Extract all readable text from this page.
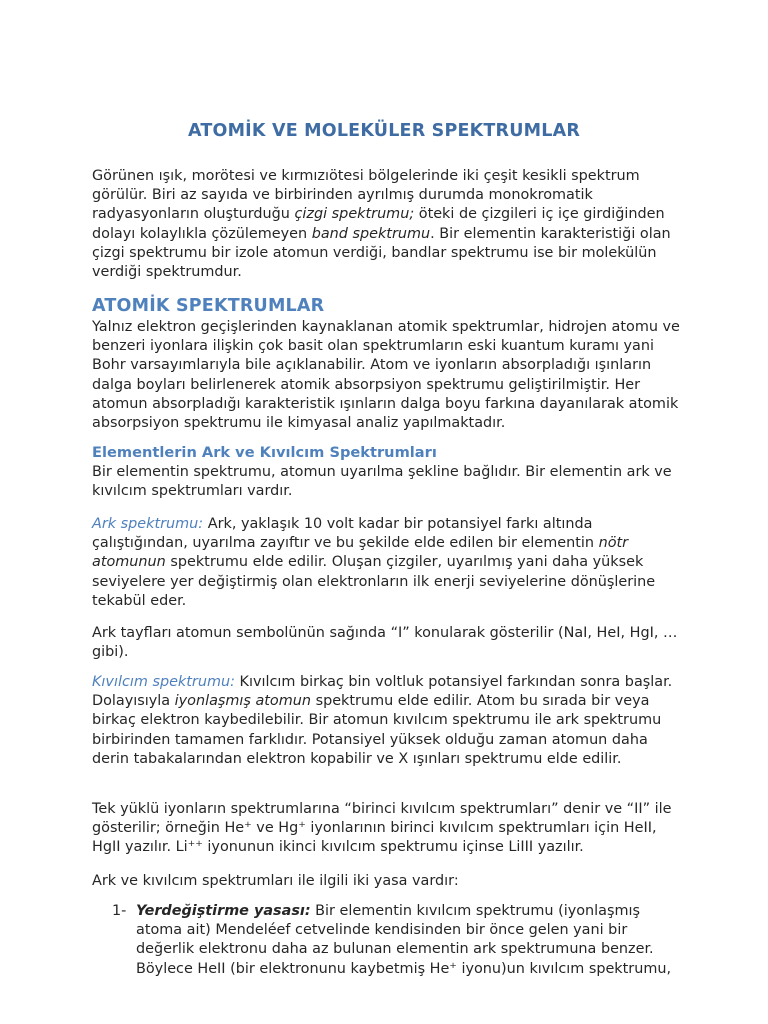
ATOMİK VE MOLEKÜLER SPEKTRUMLAR

Görünen ışık, morötesi ve kırmızıötesi bölgelerinde iki çeşit kesikli spektrum görülür. Biri az sayıda ve birbirinden ayrılmış durumda monokromatik radyasyonların oluşturduğu çizgi spektrumu; öteki de çizgileri iç içe girdiğinden dolayı kolaylıkla çözülemeyen band spektrumu. Bir elementin karakteristiği olan çizgi spektrumu bir izole atomun verdiği, bandlar spektrumu ise bir molekülün verdiği spektrumdur.

ATOMİK SPEKTRUMLAR

Yalnız elektron geçişlerinden kaynaklanan atomik spektrumlar, hidrojen atomu ve benzeri iyonlara ilişkin çok basit olan spektrumların eski kuantum kuramı yani Bohr varsayımlarıyla bile açıklanabilir. Atom ve iyonların absorpladığı ışınların dalga boyları belirlenerek atomik absorpsiyon spektrumu geliştirilmiştir. Her atomun absorpladığı karakteristik ışınların dalga boyu farkına dayanılarak atomik absorpsiyon spektrumu ile kimyasal analiz yapılmaktadır.

Elementlerin Ark ve Kıvılcım Spektrumları

Bir elementin spektrumu, atomun uyarılma şekline bağlıdır. Bir elementin ark ve kıvılcım spektrumları vardır.

Ark spektrumu: Ark, yaklaşık 10 volt kadar bir potansiyel farkı altında çalıştığından, uyarılma zayıftır ve bu şekilde elde edilen bir elementin nötr atomunun spektrumu elde edilir. Oluşan çizgiler, uyarılmış yani daha yüksek seviyelere yer değiştirmiş olan elektronların ilk enerji seviyelerine dönüşlerine tekabül eder.

Ark tayfları atomun sembolünün sağında “I” konularak gösterilir (NaI, HeI, HgI, … gibi).

Kıvılcım spektrumu: Kıvılcım birkaç bin voltluk potansiyel farkından sonra başlar. Dolayısıyla iyonlaşmış atomun spektrumu elde edilir. Atom bu sırada bir veya birkaç elektron kaybedilebilir. Bir atomun kıvılcım spektrumu ile ark spektrumu birbirinden tamamen farklıdır. Potansiyel yüksek olduğu zaman atomun daha derin tabakalarından elektron kopabilir ve X ışınları spektrumu elde edilir.

Tek yüklü iyonların spektrumlarına “birinci kıvılcım spektrumları” denir ve “II” ile gösterilir; örneğin He⁺ ve Hg⁺ iyonlarının birinci kıvılcım spektrumları için HeII, HgII yazılır. Li⁺⁺ iyonunun ikinci kıvılcım spektrumu içinse LiIII yazılır.

Ark ve kıvılcım spektrumları ile ilgili iki yasa vardır:

1- Yerdeğiştirme yasası: Bir elementin kıvılcım spektrumu (iyonlaşmış atoma ait) Mendeléef cetvelinde kendisinden bir önce gelen yani bir değerlik elektronu daha az bulunan elementin ark spektrumuna benzer. Böylece HeII (bir elektronunu kaybetmiş He⁺ iyonu)un kıvılcım spektrumu,
